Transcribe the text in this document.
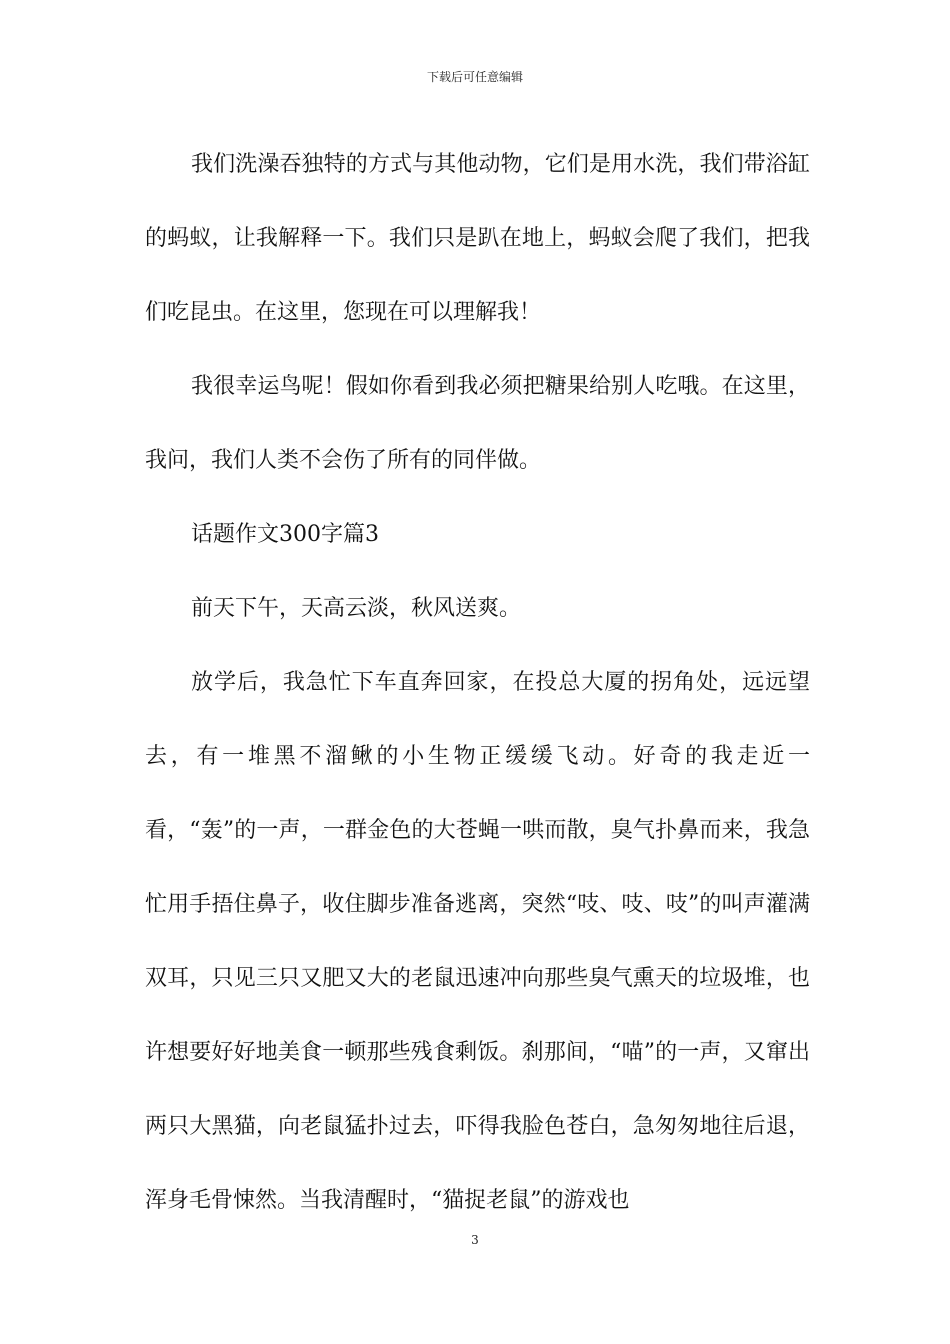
下载后可任意编辑

我们洗澡吞独特的方式与其他动物，它们是用水洗，我们带浴缸的蚂蚁，让我解释一下。我们只是趴在地上，蚂蚁会爬了我们，把我们吃昆虫。在这里，您现在可以理解我！

我很幸运鸟呢！假如你看到我必须把糖果给别人吃哦。在这里，我问，我们人类不会伤了所有的同伴做。

话题作文300字篇3

前天下午，天高云淡，秋风送爽。

放学后，我急忙下车直奔回家，在投总大厦的拐角处，远远望去，有一堆黑不溜鳅的小生物正缓缓飞动。好奇的我走近一看，“轰”的一声，一群金色的大苍蝇一哄而散，臭气扑鼻而来，我急忙用手捂住鼻子，收住脚步准备逃离，突然“吱、吱、吱”的叫声灌满双耳，只见三只又肥又大的老鼠迅速冲向那些臭气熏天的垃圾堆，也许想要好好地美食一顿那些残食剩饭。刹那间，“喵”的一声，又窜出两只大黑猫，向老鼠猛扑过去，吓得我脸色苍白，急匆匆地往后退，浑身毛骨悚然。当我清醒时，“猫捉老鼠”的游戏也

3
